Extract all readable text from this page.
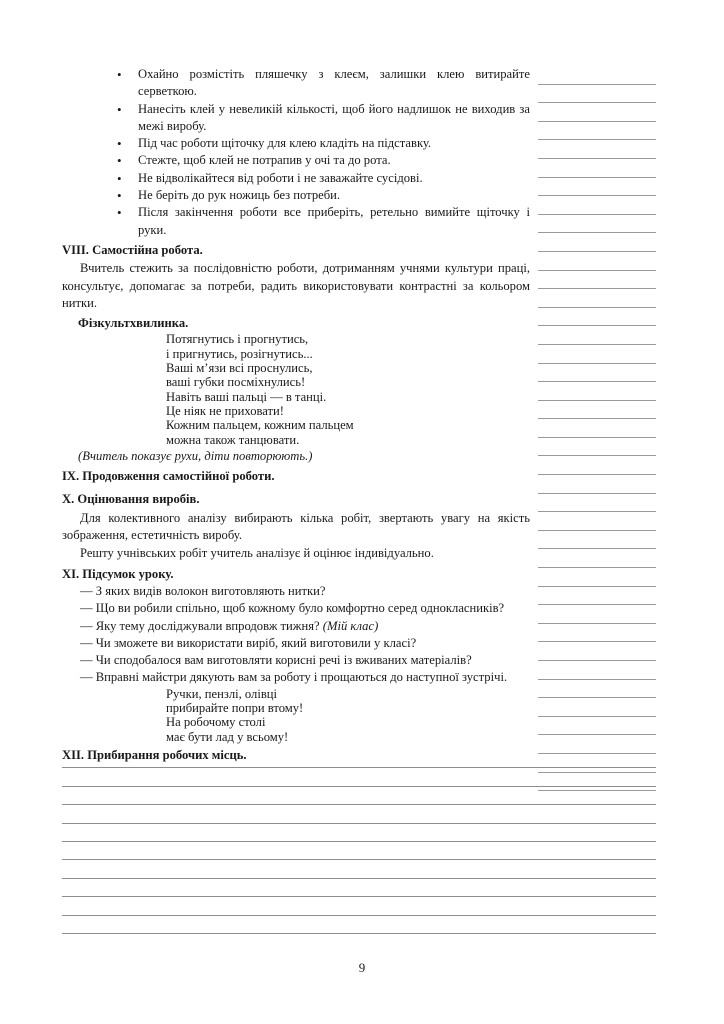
• Охайно розмістіть пляшечку з клеєм, залишки клею витирайте серветкою.
• Нанесіть клей у невеликій кількості, щоб його надлишок не виходив за межі виробу.
• Під час роботи щіточку для клею кладіть на підставку.
• Стежте, щоб клей не потрапив у очі та до рота.
• Не відволікайтеся від роботи і не заважайте сусідові.
• Не беріть до рук ножиць без потреби.
• Після закінчення роботи все приберіть, ретельно вимийте щіточку і руки.
VIII. Самостійна робота.
Вчитель стежить за послідовністю роботи, дотриманням учнями культури праці, консультує, допомагає за потреби, радить використовувати контрастні за кольором нитки.
Фізкультхвилинка.
Потягнутись і прогнутись,
і пригнутись, розігнутись...
Ваші м’язи всі проснулись,
ваші губки посміхнулись!
Навіть ваші пальці — в танці.
Це ніяк не приховати!
Кожним пальцем, кожним пальцем
можна також танцювати.
(Вчитель показує рухи, діти повторюють.)
IX. Продовження самостійної роботи.
X. Оцінювання виробів.
Для колективного аналізу вибирають кілька робіт, звертають увагу на якість зображення, естетичність виробу.
Решту учнівських робіт учитель аналізує й оцінює індивідуально.
XI. Підсумок уроку.
— З яких видів волокон виготовляють нитки?
— Що ви робили спільно, щоб кожному було комфортно серед однокласників?
— Яку тему досліджували впродовж тижня? (Мій клас)
— Чи зможете ви використати виріб, який виготовили у класі?
— Чи сподобалося вам виготовляти корисні речі із вживаних матеріалів?
— Вправні майстри дякують вам за роботу і прощаються до наступної зустрічі.
Ручки, пензлі, олівці
прибирайте попри втому!
На робочому столі
має бути лад у всьому!
XII. Прибирання робочих місць.
9
